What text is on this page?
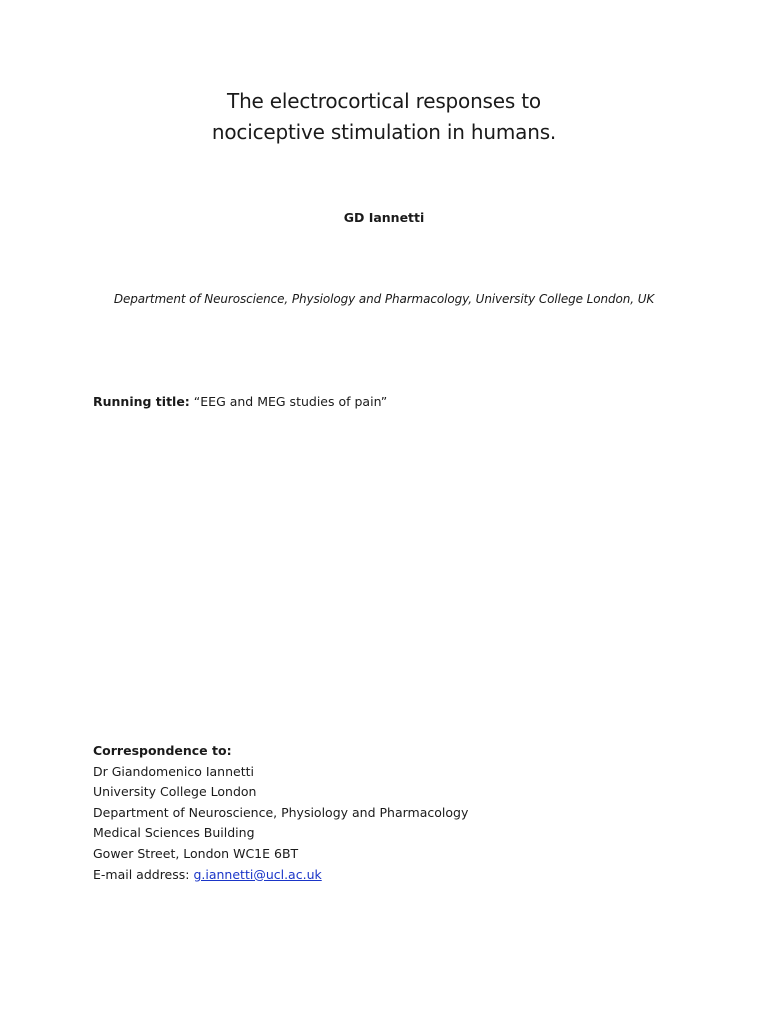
The electrocortical responses to
nociceptive stimulation in humans.
GD Iannetti
Department of Neuroscience, Physiology and Pharmacology, University College London, UK
Running title: “EEG and MEG studies of pain”
Correspondence to:
Dr Giandomenico Iannetti
University College London
Department of Neuroscience, Physiology and Pharmacology
Medical Sciences Building
Gower Street, London WC1E 6BT
E-mail address: g.iannetti@ucl.ac.uk
